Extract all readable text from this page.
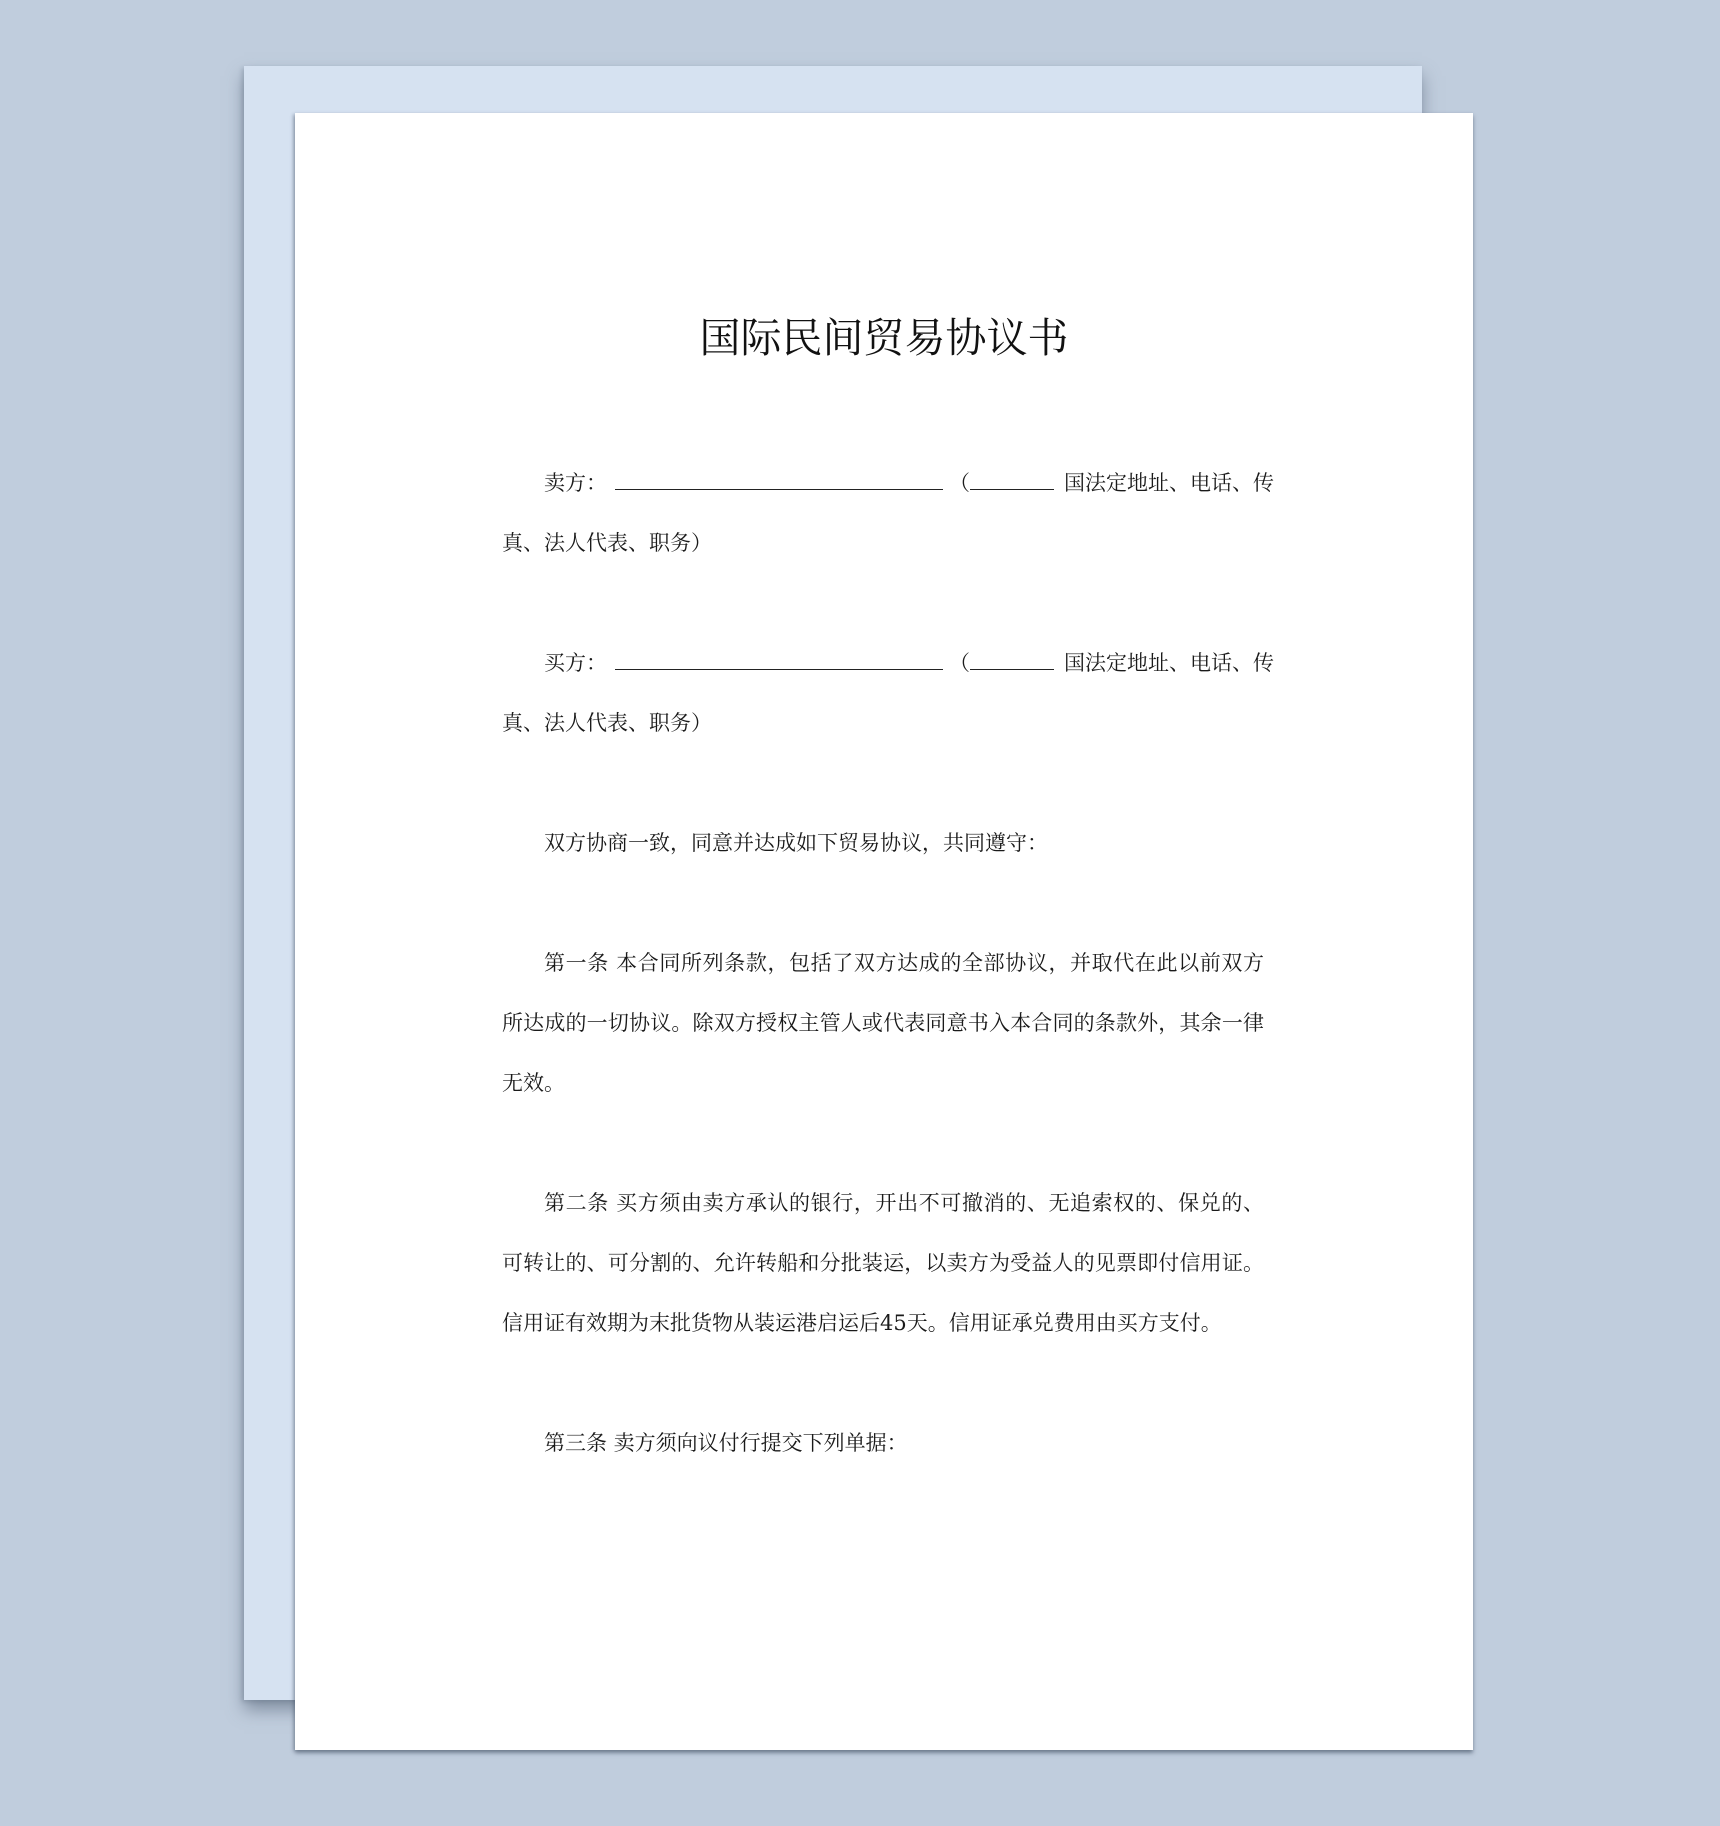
国际民间贸易协议书

卖方：	（	国法定地址、电话、传

真、法人代表、职务）

买方：	（	国法定地址、电话、传

真、法人代表、职务）

双方协商一致，同意并达成如下贸易协议，共同遵守：

第一条 本合同所列条款，包括了双方达成的全部协议，并取代在此以前双方所达成的一切协议。除双方授权主管人或代表同意书入本合同的条款外，其余一律无效。

第二条 买方须由卖方承认的银行，开出不可撤消的、无追索权的、保兑的、可转让的、可分割的、允许转船和分批装运，以卖方为受益人的见票即付信用证。信用证有效期为末批货物从装运港启运后45天。信用证承兑费用由买方支付。

第三条 卖方须向议付行提交下列单据：
